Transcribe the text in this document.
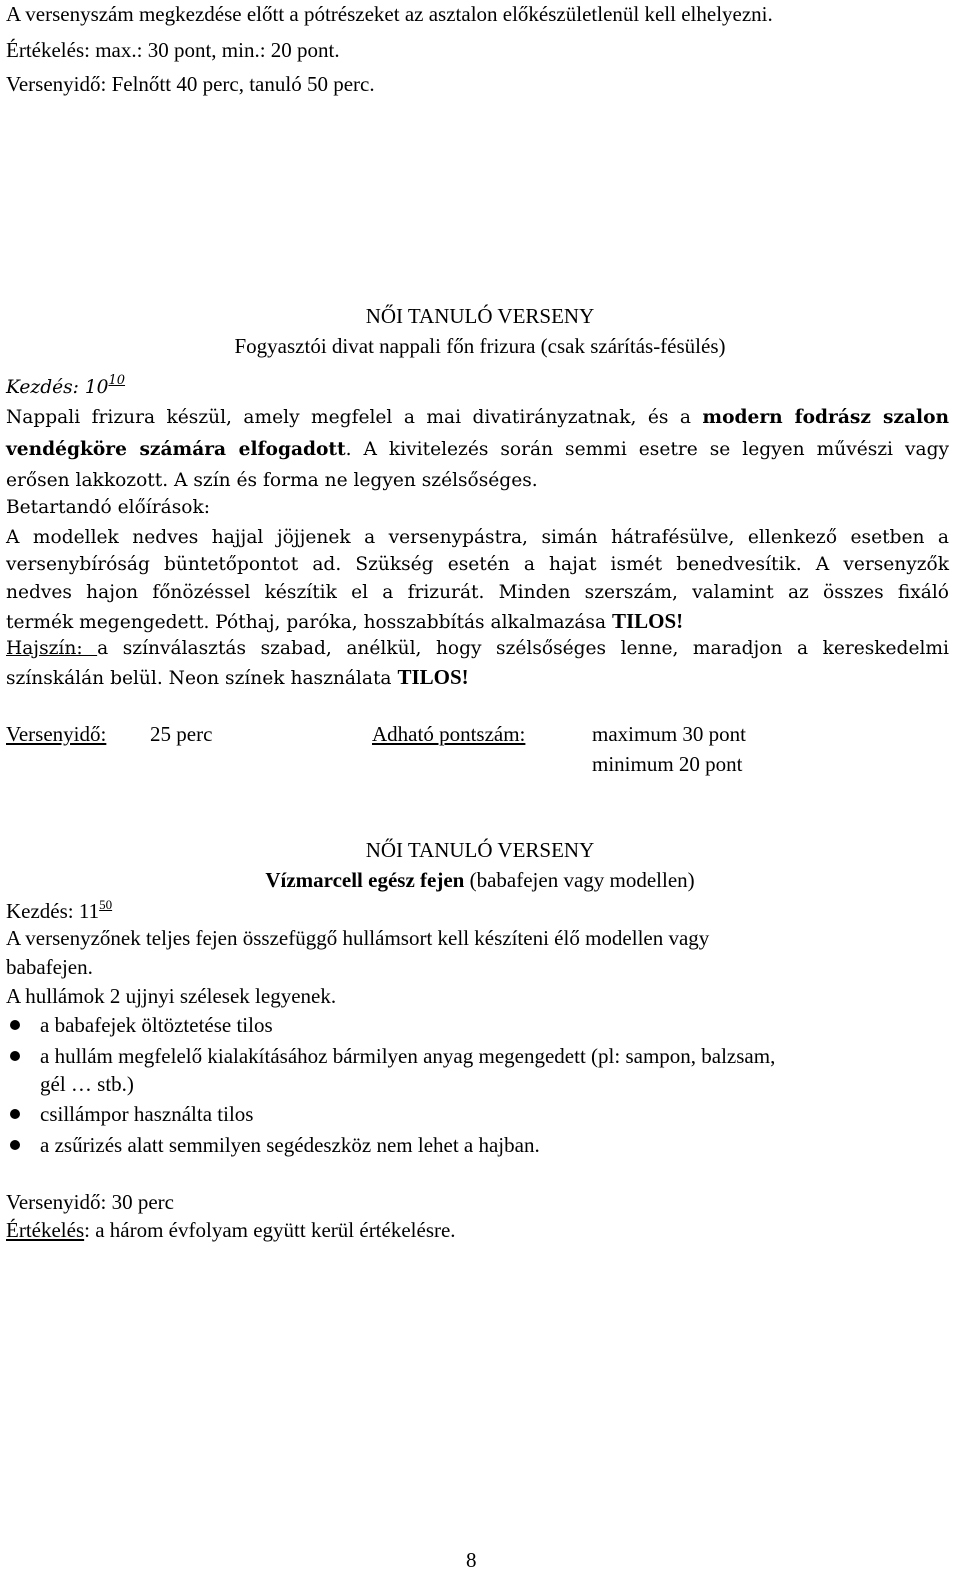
A versenyszám megkezdése előtt a pótrészeket az asztalon előkészületlenül kell elhelyezni.
Értékelés: max.: 30 pont, min.: 20 pont.
Versenyidő: Felnőtt 40 perc, tanuló 50 perc.
NŐI TANULÓ VERSENY
Fogyasztói divat nappali főn frizura (csak szárítás-fésülés)
Kezdés: $10^{10}$
Nappali frizura készül, amely megfelel a mai divatirányzatnak, és a modern fodrász szalon
vendégköre számára elfogadott. A kivitelezés során semmi esetre se legyen művészi vagy
erősen lakkozott. A szín és forma ne legyen szélsőséges.
Betartandó előírások:
A modellek nedves hajjal jöjjenek a versenypástra, simán hátrafésülve, ellenkező esetben a
versenybíróság büntetőpontot ad. Szükség esetén a hajat ismét benedvesítik. A versenyzők
nedves hajon főnözéssel készítik el a frizurát. Minden szerszám, valamint az összes fixáló
termék megengedett. Póthaj, paróka, hosszabbítás alkalmazása TILOS!
Hajszín: a színválasztás szabad, anélkül, hogy szélsőséges lenne, maradjon a kereskedelmi
színskálán belül. Neon színek használata TILOS!
Versenyidő: 25 perc	Adható pontszám:	maximum 30 pont
minimum 20 pont
NŐI TANULÓ VERSENY
Vízmarcell egész fejen (babafejen vagy modellen)
Kezdés: $11^{50}$
A versenyzőnek teljes fejen összefüggő hullámsort kell készíteni élő modellen vagy
babafejen.
A hullámok 2 ujjnyi szélesek legyenek.
a babafejek öltöztetése tilos
a hullám megfelelő kialakításához bármilyen anyag megengedett (pl: sampon, balzsam,
gél … stb.)
csillámpor használta tilos
a zsűrizés alatt semmilyen segédeszköz nem lehet a hajban.
Versenyidő: 30 perc
Értékelés: a három évfolyam együtt kerül értékelésre.
8
